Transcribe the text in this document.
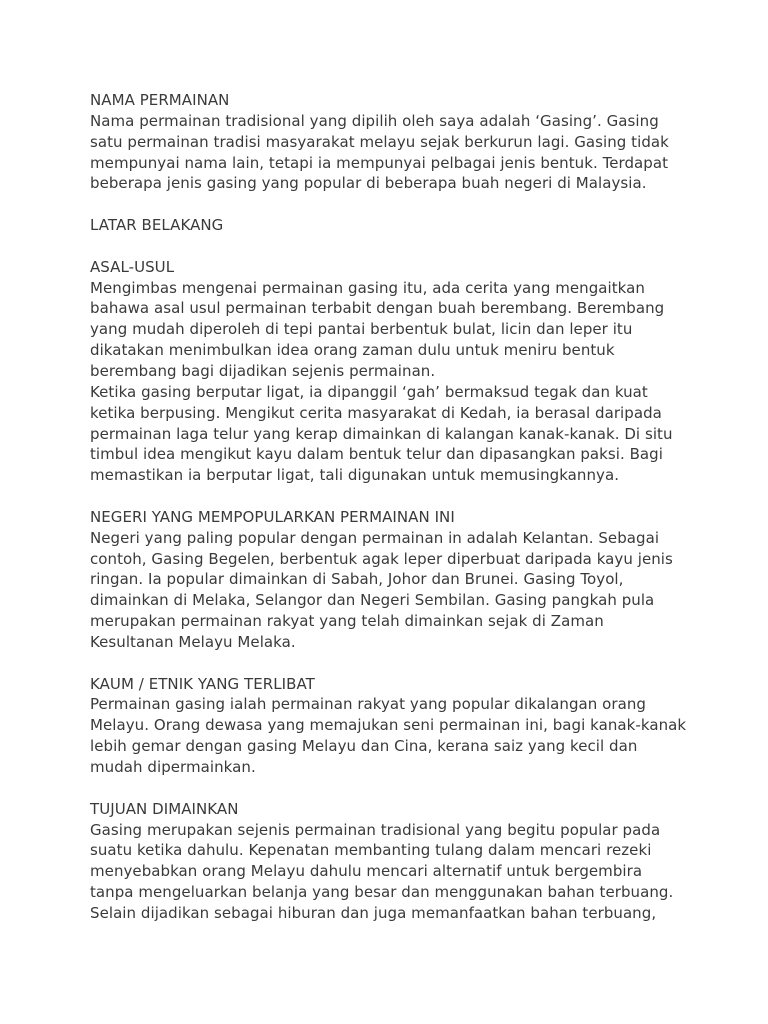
NAMA PERMAINAN

Nama permainan tradisional yang dipilih oleh saya adalah ‘Gasing’. Gasing satu permainan tradisi masyarakat melayu sejak berkurun lagi. Gasing tidak mempunyai nama lain, tetapi ia mempunyai pelbagai jenis bentuk. Terdapat beberapa jenis gasing yang popular di beberapa buah negeri di Malaysia.

LATAR BELAKANG
ASAL-USUL

Mengimbas mengenai permainan gasing itu, ada cerita yang mengaitkan bahawa asal usul permainan terbabit dengan buah berembang. Berembang yang mudah diperoleh di tepi pantai berbentuk bulat, licin dan leper itu dikatakan menimbulkan idea orang zaman dulu untuk meniru bentuk berembang bagi dijadikan sejenis permainan.

Ketika gasing berputar ligat, ia dipanggil ‘gah’ bermaksud tegak dan kuat ketika berpusing. Mengikut cerita masyarakat di Kedah, ia berasal daripada permainan laga telur yang kerap dimainkan di kalangan kanak-kanak. Di situ timbul idea mengikut kayu dalam bentuk telur dan dipasangkan paksi. Bagi memastikan ia berputar ligat, tali digunakan untuk memusingkannya.

NEGERI YANG MEMPOPULARKAN PERMAINAN INI

Negeri yang paling popular dengan permainan in adalah Kelantan. Sebagai contoh, Gasing Begelen, berbentuk agak leper diperbuat daripada kayu jenis ringan. Ia popular dimainkan di Sabah, Johor dan Brunei. Gasing Toyol, dimainkan di Melaka, Selangor dan Negeri Sembilan. Gasing pangkah pula merupakan permainan rakyat yang telah dimainkan sejak di Zaman Kesultanan Melayu Melaka.

KAUM / ETNIK YANG TERLIBAT

Permainan gasing ialah permainan rakyat yang popular dikalangan orang Melayu. Orang dewasa yang memajukan seni permainan ini, bagi kanak-kanak lebih gemar dengan gasing Melayu dan Cina, kerana saiz yang kecil dan mudah dipermainkan.

TUJUAN DIMAINKAN

Gasing merupakan sejenis permainan tradisional yang begitu popular pada suatu ketika dahulu. Kepenatan membanting tulang dalam mencari rezeki menyebabkan orang Melayu dahulu mencari alternatif untuk bergembira tanpa mengeluarkan belanja yang besar dan menggunakan bahan terbuang. Selain dijadikan sebagai hiburan dan juga memanfaatkan bahan terbuang,
